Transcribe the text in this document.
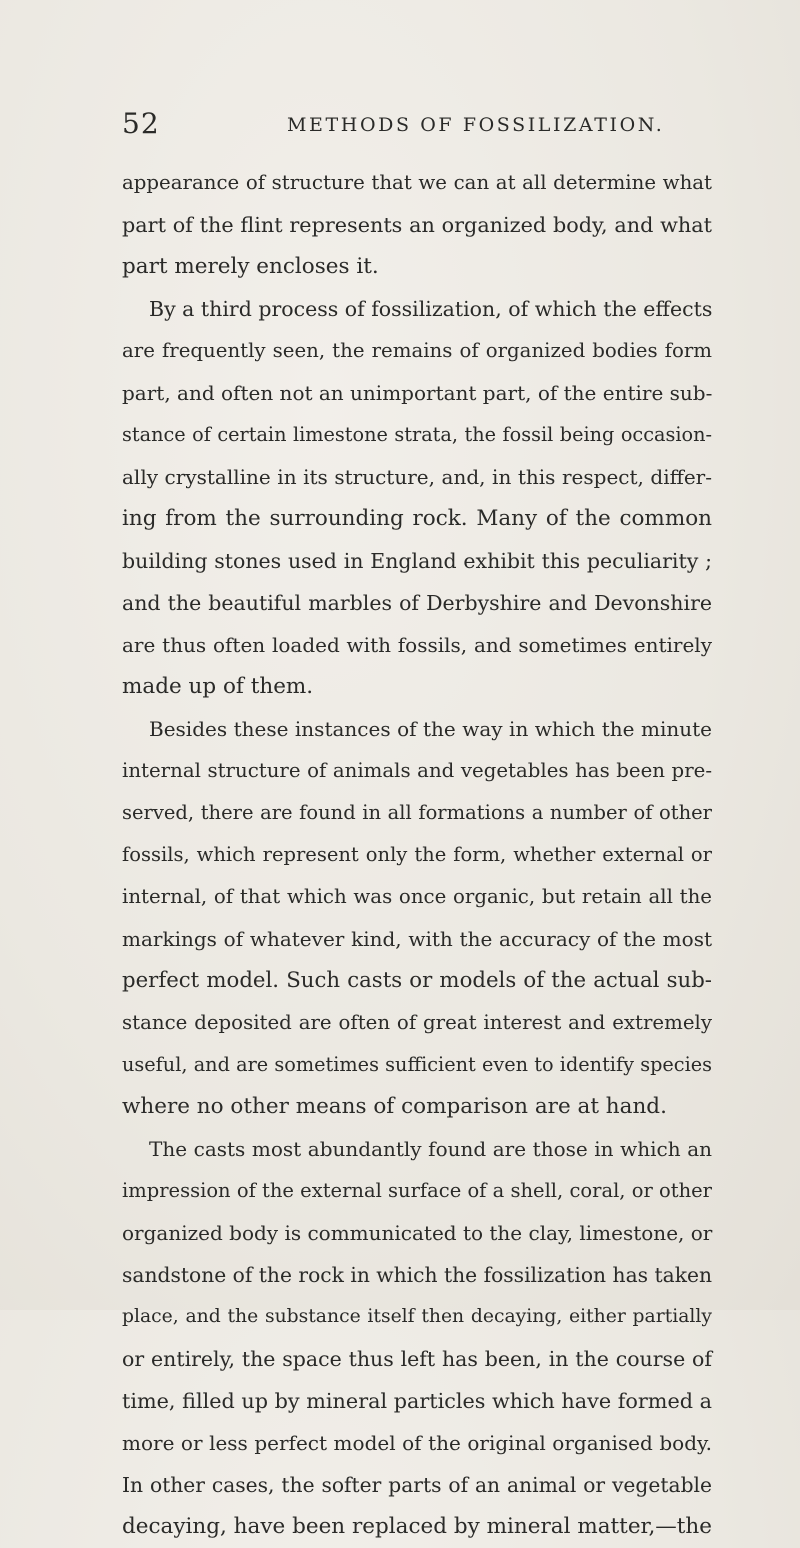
52	METHODS OF FOSSILIZATION.
appearance of structure that we can at all determine what
part of the flint represents an organized body, and what
part merely encloses it.
By a third process of fossilization, of which the effects
are frequently seen, the remains of organized bodies form
part, and often not an unimportant part, of the entire sub-
stance of certain limestone strata, the fossil being occasion-
ally crystalline in its structure, and, in this respect, differ-
ing from the surrounding rock. Many of the common
building stones used in England exhibit this peculiarity ;
and the beautiful marbles of Derbyshire and Devonshire
are thus often loaded with fossils, and sometimes entirely
made up of them.
Besides these instances of the way in which the minute
internal structure of animals and vegetables has been pre-
served, there are found in all formations a number of other
fossils, which represent only the form, whether external or
internal, of that which was once organic, but retain all the
markings of whatever kind, with the accuracy of the most
perfect model. Such casts or models of the actual sub-
stance deposited are often of great interest and extremely
useful, and are sometimes sufficient even to identify species
where no other means of comparison are at hand.
The casts most abundantly found are those in which an
impression of the external surface of a shell, coral, or other
organized body is communicated to the clay, limestone, or
sandstone of the rock in which the fossilization has taken
place, and the substance itself then decaying, either partially
or entirely, the space thus left has been, in the course of
time, filled up by mineral particles which have formed a
more or less perfect model of the original organised body.
In other cases, the softer parts of an animal or vegetable
decaying, have been replaced by mineral matter,—the
